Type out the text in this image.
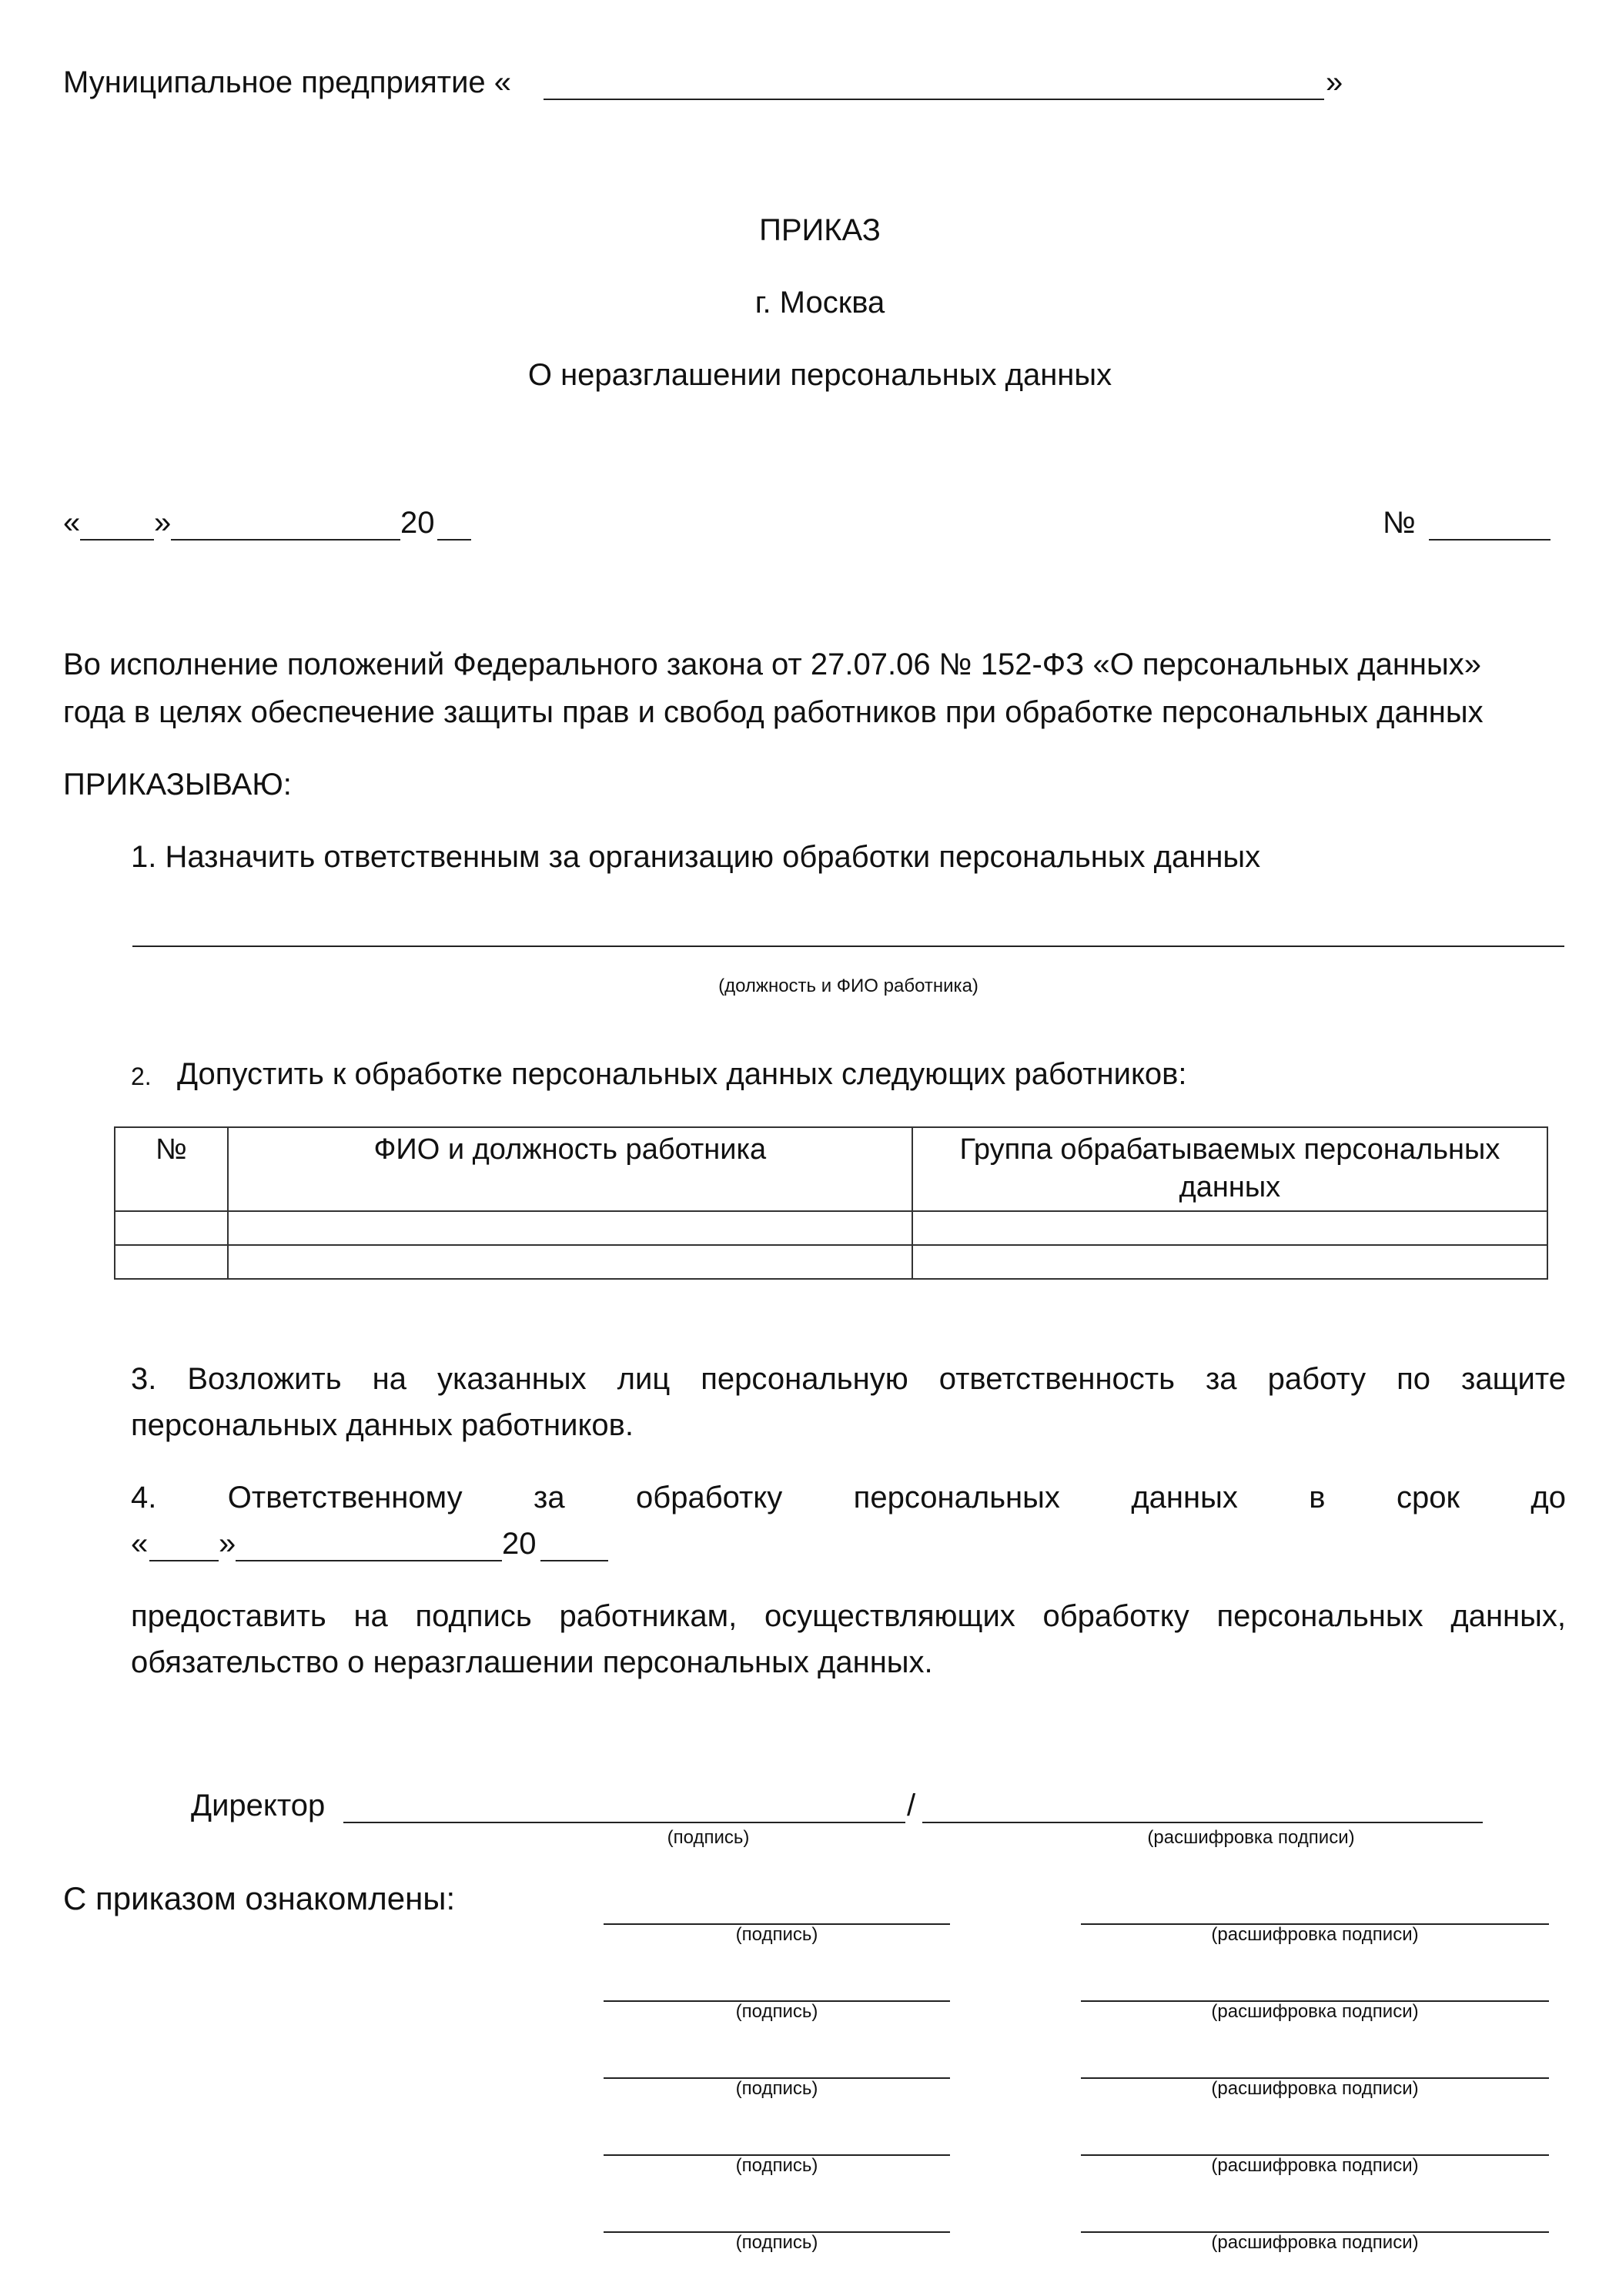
Муниципальное предприятие «	»
ПРИКАЗ
г. Москва
О неразглашении персональных данных
« »	20	№
Во исполнение положений Федерального закона от 27.07.06 № 152-ФЗ «О персональных данных»
года в целях обеспечение защиты прав и свобод работников при обработке персональных данных
ПРИКАЗЫВАЮ:
1. Назначить ответственным за организацию обработки персональных данных
(должность и ФИО работника)
2. Допустить к обработке персональных данных следующих работников:
№	ФИО и должность работника	Группа обрабатываемых персональных данных

3. Возложить на указанных лиц персональную ответственность за работу по защите
персональных данных работников.
4. Ответственному за обработку персональных данных в срок до
« »	20
предоставить на подпись работникам, осуществляющих обработку персональных данных,
обязательство о неразглашении персональных данных.
Директор	/
(подпись)	(расшифровка подписи)
С приказом ознакомлены:
(подпись)	(расшифровка подписи)
(подпись)	(расшифровка подписи)
(подпись)	(расшифровка подписи)
(подпись)	(расшифровка подписи)
(подпись)	(расшифровка подписи)
